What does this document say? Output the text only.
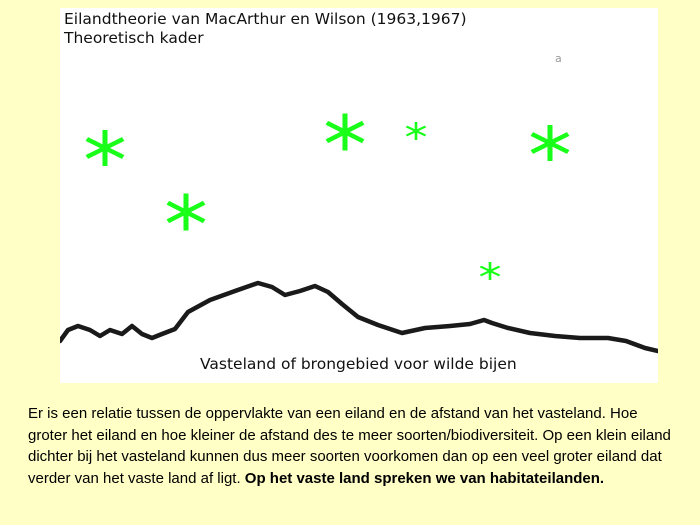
Eilandtheorie van MacArthur en Wilson (1963,1967)
Theoretisch kader
a
Vasteland of brongebied voor wilde bijen
Er is een relatie tussen de oppervlakte van een eiland en de afstand van het vasteland. Hoe groter het eiland en hoe kleiner de afstand des te meer soorten/biodiversiteit. Op een klein eiland dichter bij het vasteland kunnen dus meer soorten voorkomen dan op een veel groter eiland dat verder van het vaste land af ligt. Op het vaste land spreken we van habitateilanden.
